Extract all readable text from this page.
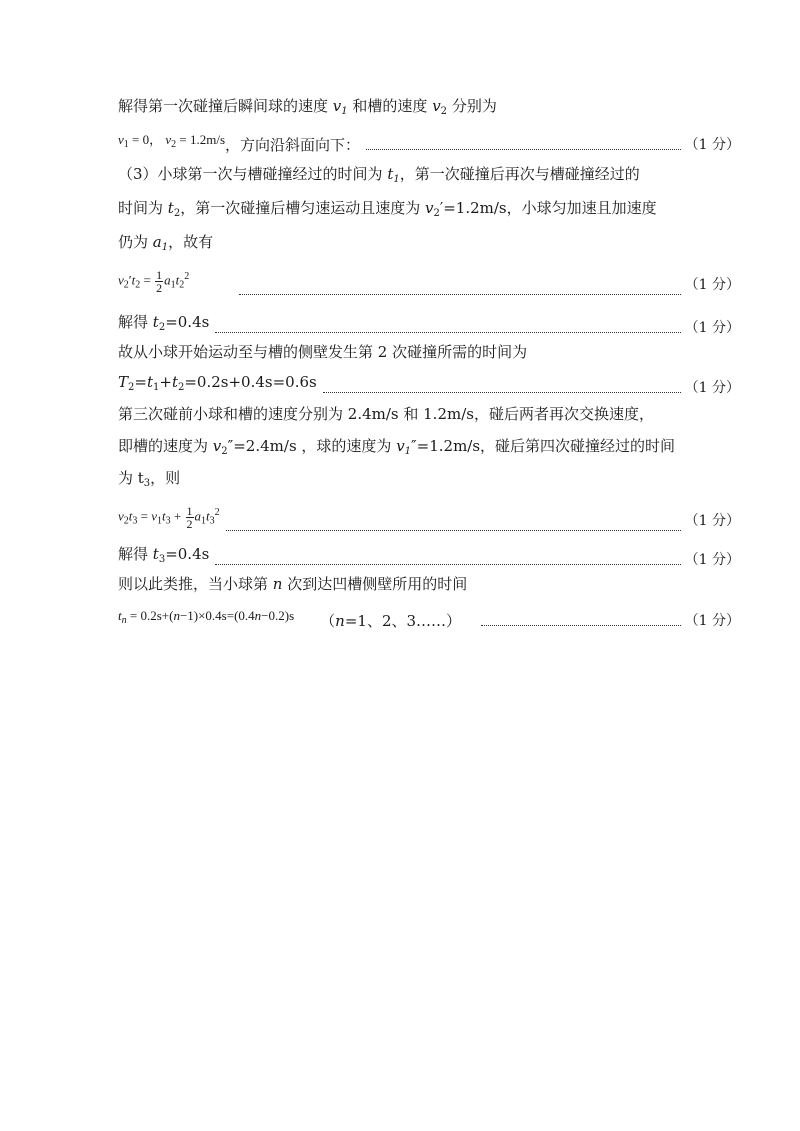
解得第一次碰撞后瞬间球的速度 $v_1$ 和槽的速度 $v_2$ 分别为
$v_1 = 0$， $v_2 = 1.2m/s$ ，方向沿斜面向下：	（1 分）
（3）小球第一次与槽碰撞经过的时间为 $t_1$，第一次碰撞后再次与槽碰撞经过的
时间为 $t_2$，第一次碰撞后槽匀速运动且速度为 $v_2'=1.2m/s$，小球匀加速且加速度
仍为 $a_1$，故有
$v_2't_2 = \frac{1}{2} a_1t_2^2$
（1 分）
解得 $t_2=0.4s$	（1 分）
故从小球开始运动至与槽的侧壁发生第 2 次碰撞所需的时间为
$T_2=t_1+t_2=0.2s+0.4s=0.6s$	（1 分）
第三次碰前小球和槽的速度分别为 2.4m/s 和 1.2m/s，碰后两者再次交换速度，
即槽的速度为 $v_2''=2.4m/s$ ，球的速度为 $v_1''=1.2m/s$，碰后第四次碰撞经过的时间
为 $t_3$，则
$v_2t_3 = v_1t_3 + \frac{1}{2} a_1t_3^2$
（1 分）
解得 $t_3=0.4s$	（1 分）
则以此类推，当小球第 n 次到达凹槽侧壁所用的时间
$t_n = 0.2s+(n-1)\times 0.4s=(0.4n-0.2)s$ （n=1、2、3……）	（1 分）
